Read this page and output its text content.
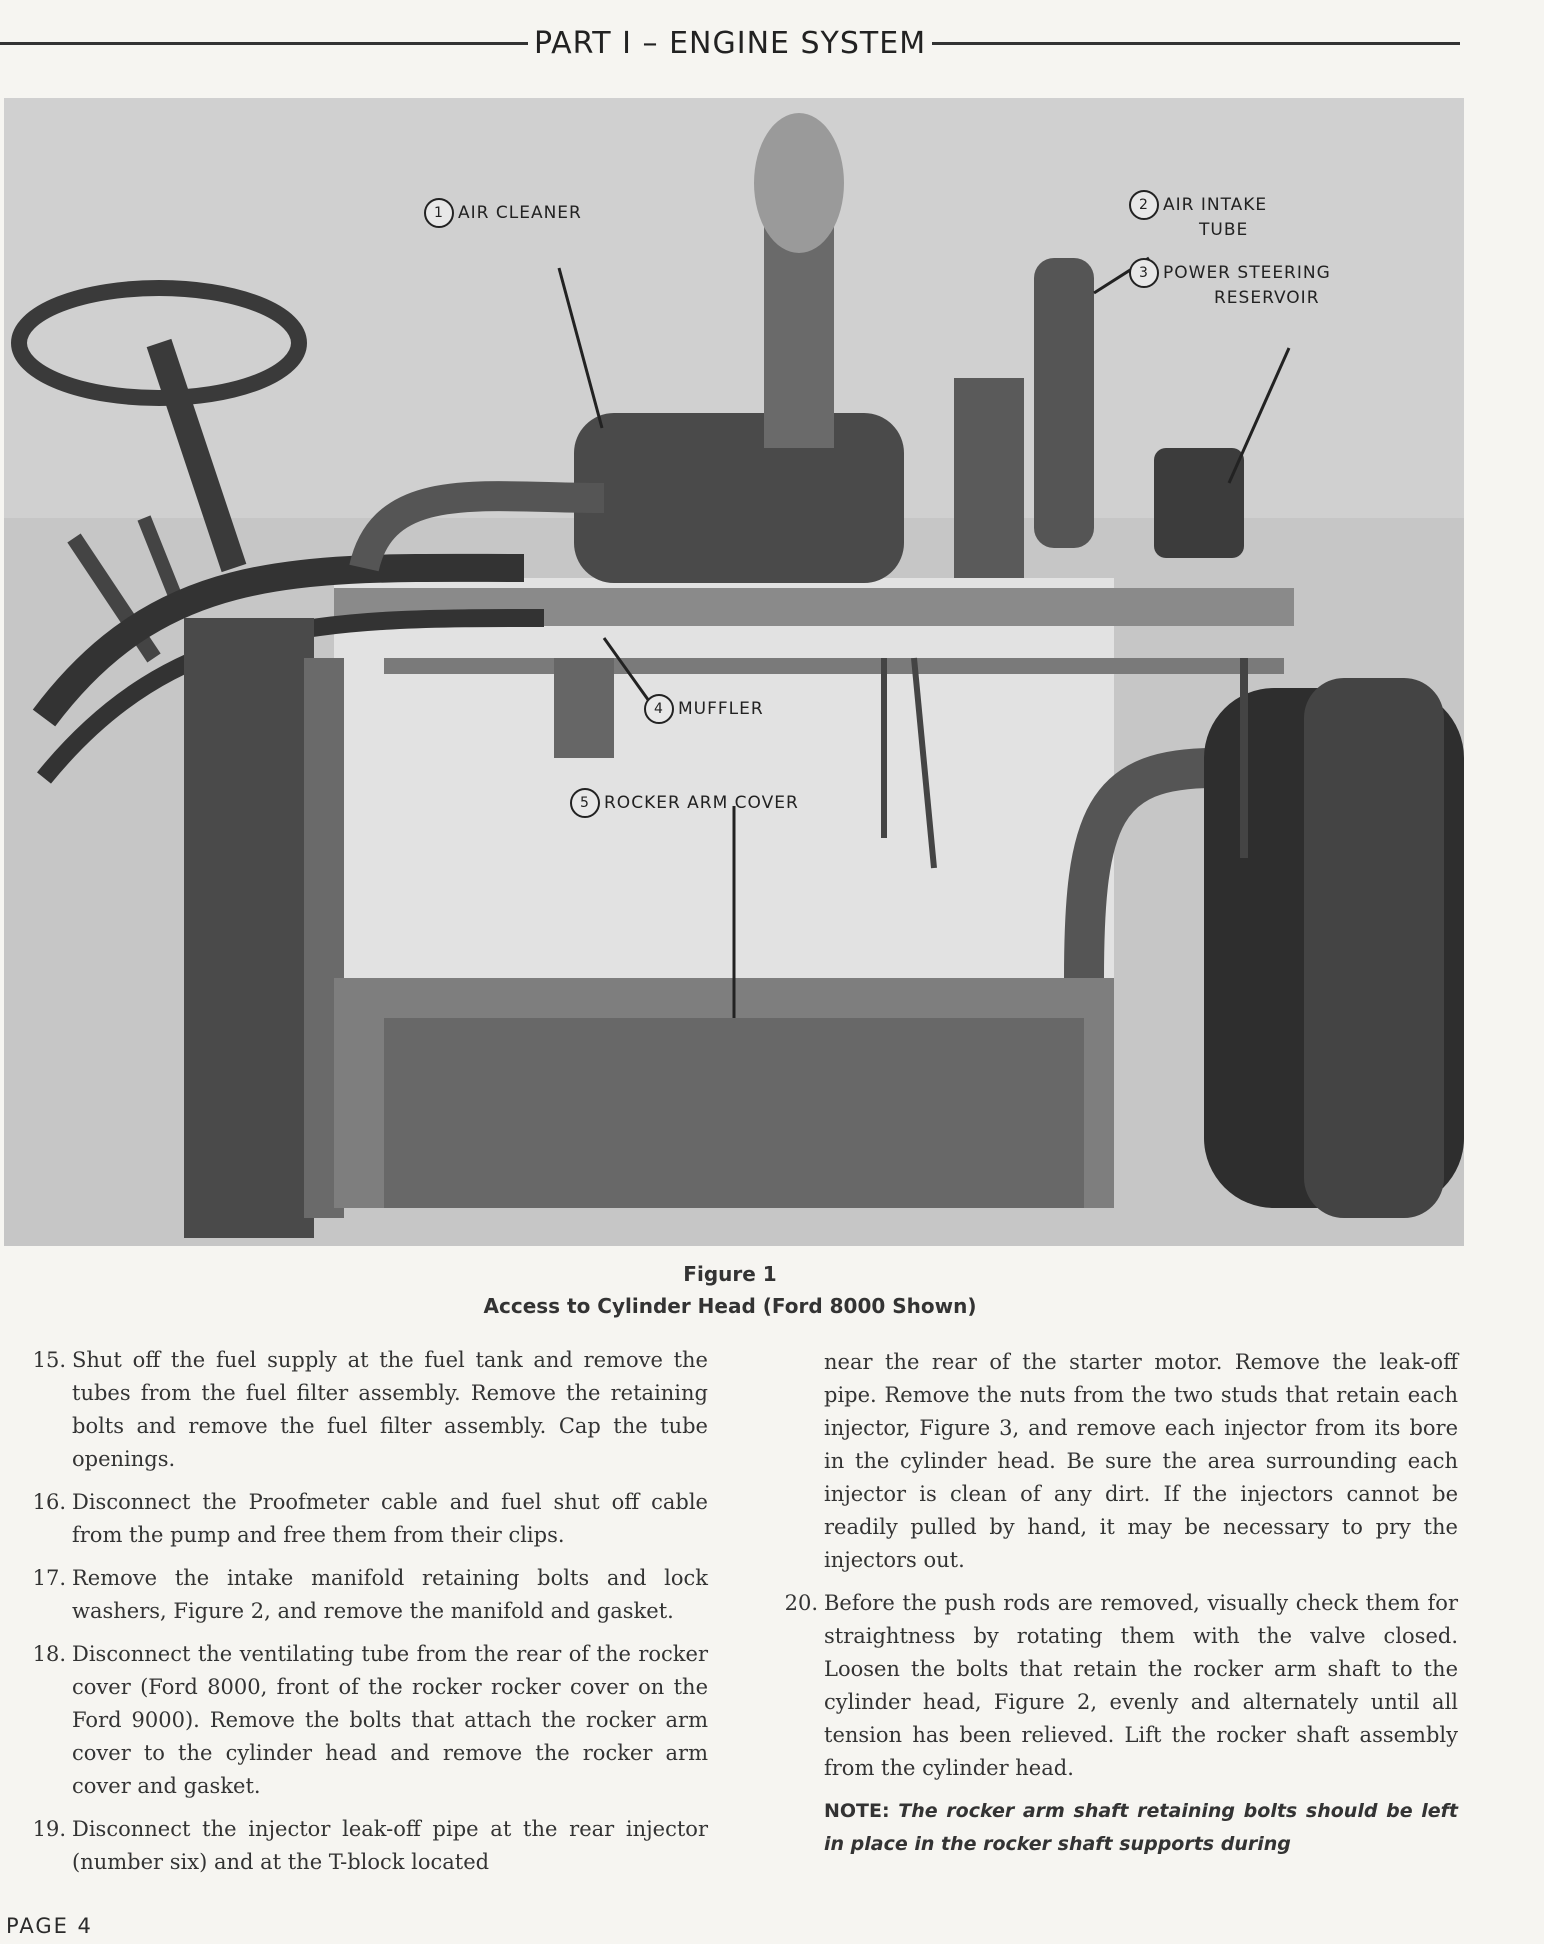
PART I – ENGINE SYSTEM
1 AIR CLEANER	2 AIR INTAKE
TUBE
3 POWER STEERING
RESERVOIR
4 MUFFLER
5 ROCKER ARM COVER
Figure 1
Access to Cylinder Head (Ford 8000 Shown)
15. Shut off the fuel supply at the fuel tank and remove the tubes from the fuel filter assembly. Remove the retaining bolts and remove the fuel filter assembly. Cap the tube openings.
16. Disconnect the Proofmeter cable and fuel shut off cable from the pump and free them from their clips.
17. Remove the intake manifold retaining bolts and lock washers, Figure 2, and remove the manifold and gasket.
18. Disconnect the ventilating tube from the rear of the rocker cover (Ford 8000, front of the rocker rocker cover on the Ford 9000). Remove the bolts that attach the rocker arm cover to the cylinder head and remove the rocker arm cover and gasket.
19. Disconnect the injector leak-off pipe at the rear injector (number six) and at the T-block located
near the rear of the starter motor. Remove the leak-off pipe. Remove the nuts from the two studs that retain each injector, Figure 3, and remove each injector from its bore in the cylinder head. Be sure the area surrounding each injector is clean of any dirt. If the injectors cannot be readily pulled by hand, it may be necessary to pry the injectors out.
20. Before the push rods are removed, visually check them for straightness by rotating them with the valve closed. Loosen the bolts that retain the rocker arm shaft to the cylinder head, Figure 2, evenly and alternately until all tension has been relieved. Lift the rocker shaft assembly from the cylinder head.
NOTE: The rocker arm shaft retaining bolts should be left in place in the rocker shaft supports during
PAGE 4
